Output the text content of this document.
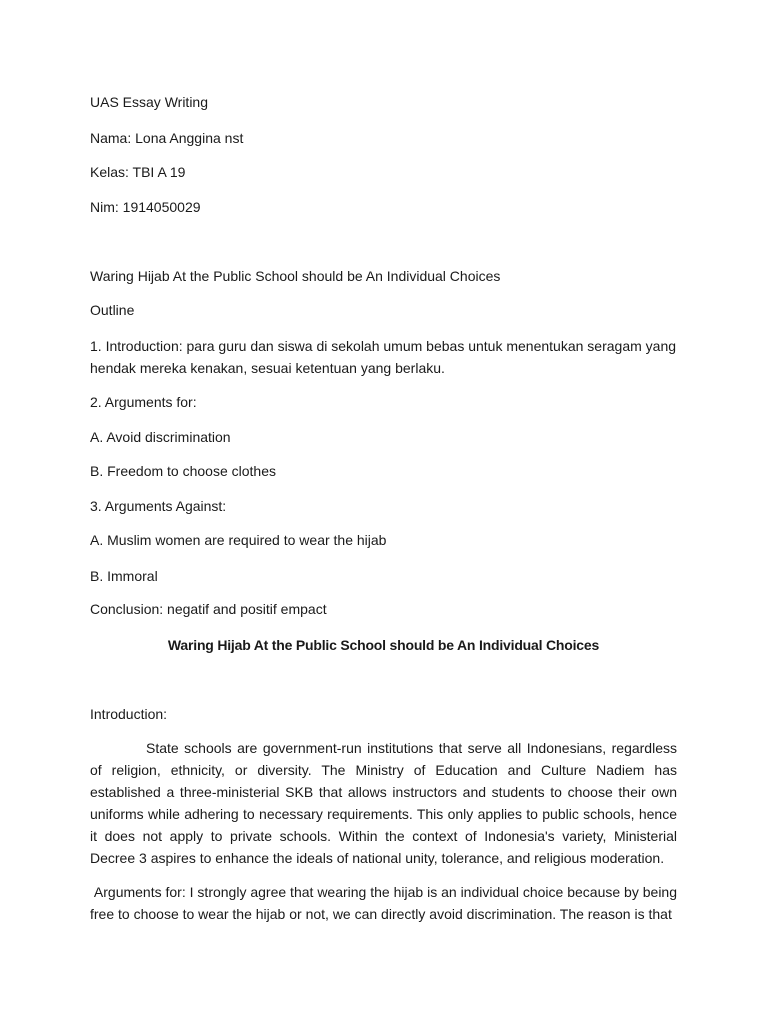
UAS Essay Writing
Nama: Lona Anggina nst
Kelas: TBI A 19
Nim: 1914050029
Waring Hijab At the Public School should be An Individual Choices
Outline
1. Introduction: para guru dan siswa di sekolah umum bebas untuk menentukan seragam yang
hendak mereka kenakan, sesuai ketentuan yang berlaku.
2. Arguments for:
A. Avoid discrimination
B. Freedom to choose clothes
3. Arguments Against:
A. Muslim women are required to wear the hijab
B. Immoral
Conclusion: negatif and positif empact
Waring Hijab At the Public School should be An Individual Choices
Introduction:
State schools are government-run institutions that serve all Indonesians, regardless of religion, ethnicity, or diversity. The Ministry of Education and Culture Nadiem has established a three-ministerial SKB that allows instructors and students to choose their own uniforms while adhering to necessary requirements. This only applies to public schools, hence it does not apply to private schools. Within the context of Indonesia's variety, Ministerial Decree 3 aspires to enhance the ideals of national unity, tolerance, and religious moderation.
Arguments for: I strongly agree that wearing the hijab is an individual choice because by being free to choose to wear the hijab or not, we can directly avoid discrimination. The reason is that
